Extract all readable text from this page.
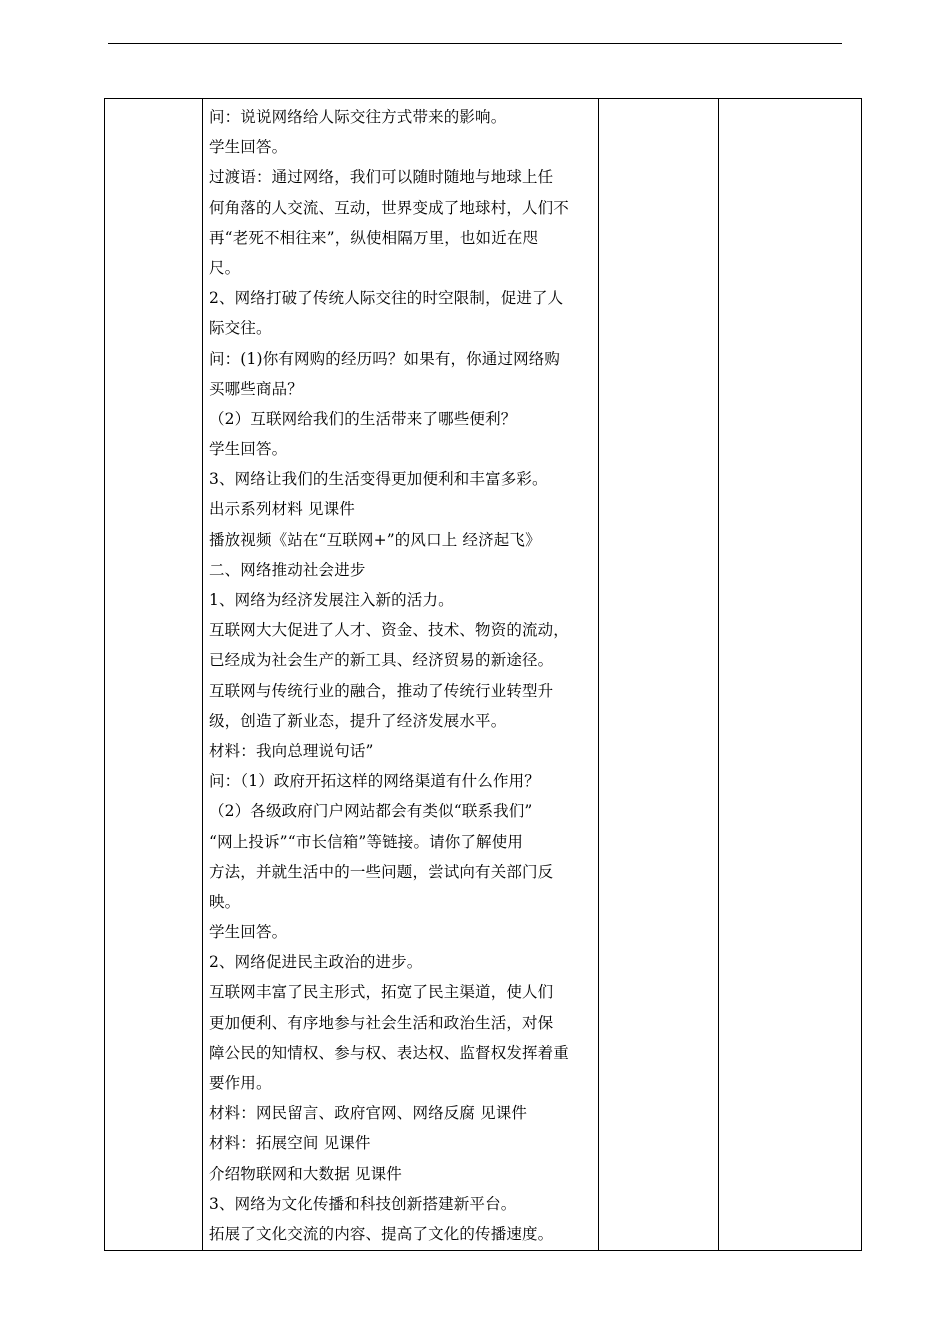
问：说说网络给人际交往方式带来的影响。
学生回答。
过渡语：通过网络，我们可以随时随地与地球上任
何角落的人交流、互动，世界变成了地球村，人们不
再“老死不相往来”，纵使相隔万里，也如近在咫
尺。
2、网络打破了传统人际交往的时空限制，促进了人
际交往。
问：(1)你有网购的经历吗？如果有，你通过网络购
买哪些商品？
（2）互联网给我们的生活带来了哪些便利？
学生回答。
3、网络让我们的生活变得更加便利和丰富多彩。
出示系列材料 见课件
播放视频《站在“互联网+”的风口上 经济起飞》
二、网络推动社会进步
1、网络为经济发展注入新的活力。
互联网大大促进了人才、资金、技术、物资的流动，
已经成为社会生产的新工具、经济贸易的新途径。
互联网与传统行业的融合，推动了传统行业转型升
级，创造了新业态，提升了经济发展水平。
材料：我向总理说句话”
问：（1）政府开拓这样的网络渠道有什么作用？
（2）各级政府门户网站都会有类似“联系我们”
“网上投诉”“市长信箱”等链接。请你了解使用
方法，并就生活中的一些问题，尝试向有关部门反
映。
学生回答。
2、网络促进民主政治的进步。
互联网丰富了民主形式，拓宽了民主渠道，使人们
更加便利、有序地参与社会生活和政治生活，对保
障公民的知情权、参与权、表达权、监督权发挥着重
要作用。
材料：网民留言、政府官网、网络反腐 见课件
材料：拓展空间 见课件
介绍物联网和大数据 见课件
3、网络为文化传播和科技创新搭建新平台。
拓展了文化交流的内容、提高了文化的传播速度。
